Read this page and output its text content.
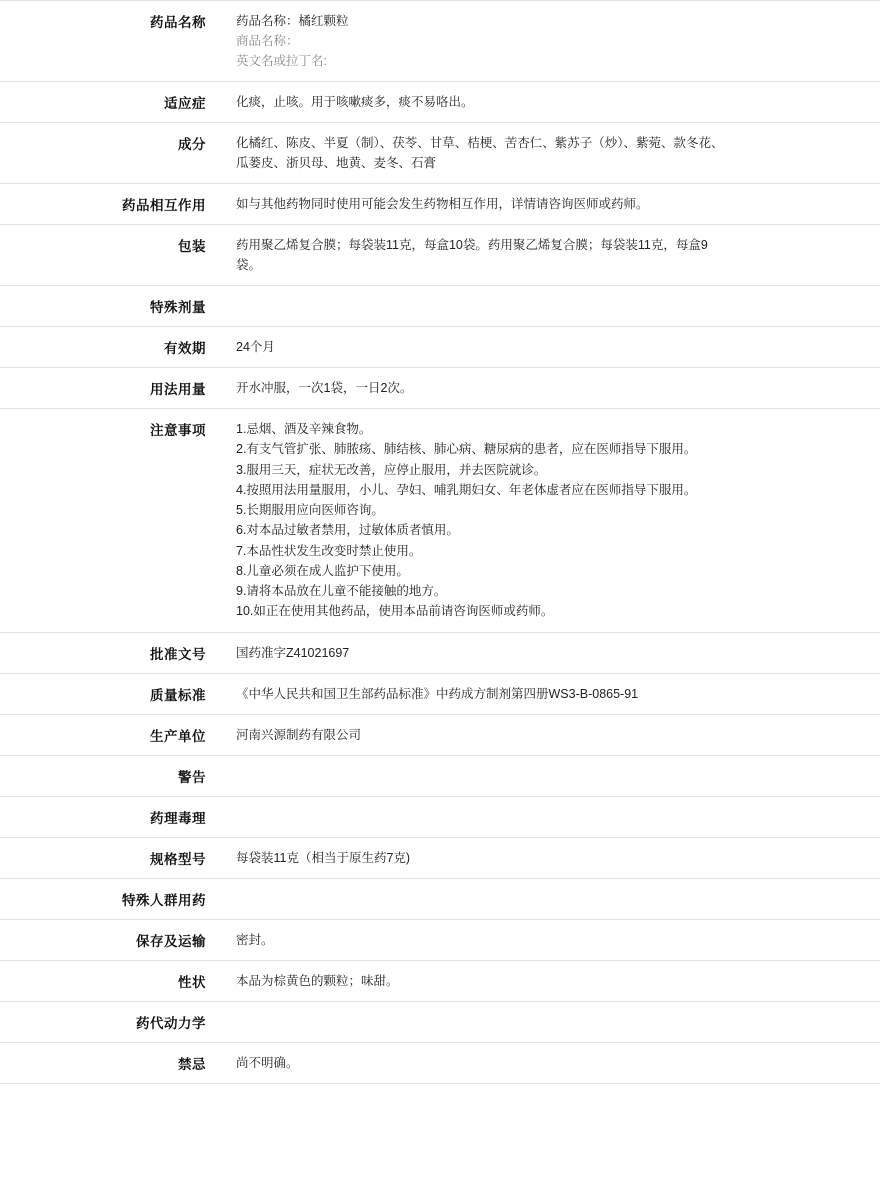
药品名称	药品名称：橘红颗粒
商品名称：
英文名或拉丁名:

适应症	化痰，止咳。用于咳嗽痰多，痰不易咯出。

成分	化橘红、陈皮、半夏（制）、茯苓、甘草、桔梗、苦杏仁、紫苏子（炒）、紫菀、款冬花、
瓜蒌皮、浙贝母、地黄、麦冬、石膏

药品相互作用	如与其他药物同时使用可能会发生药物相互作用，详情请咨询医师或药师。

包装	药用聚乙烯复合膜；每袋装11克，每盒10袋。药用聚乙烯复合膜；每袋装11克，每盒9
袋。

特殊剂量	

有效期	24个月

用法用量	开水冲服，一次1袋，一日2次。

注意事项	1.忌烟、酒及辛辣食物。
2.有支气管扩张、肺脓疡、肺结核、肺心病、糖尿病的患者，应在医师指导下服用。
3.服用三天，症状无改善，应停止服用，并去医院就诊。
4.按照用法用量服用，小儿、孕妇、哺乳期妇女、年老体虚者应在医师指导下服用。
5.长期服用应向医师咨询。
6.对本品过敏者禁用，过敏体质者慎用。
7.本品性状发生改变时禁止使用。
8.儿童必须在成人监护下使用。
9.请将本品放在儿童不能接触的地方。
10.如正在使用其他药品，使用本品前请咨询医师或药师。

批准文号	国药准字Z41021697

质量标准	《中华人民共和国卫生部药品标准》中药成方制剂第四册WS3-B-0865-91

生产单位	河南兴源制药有限公司

警告	

药理毒理	

规格型号	每袋装11克（相当于原生药7克)

特殊人群用药	

保存及运输	密封。

性状	本品为棕黄色的颗粒；味甜。

药代动力学	

禁忌	尚不明确。
